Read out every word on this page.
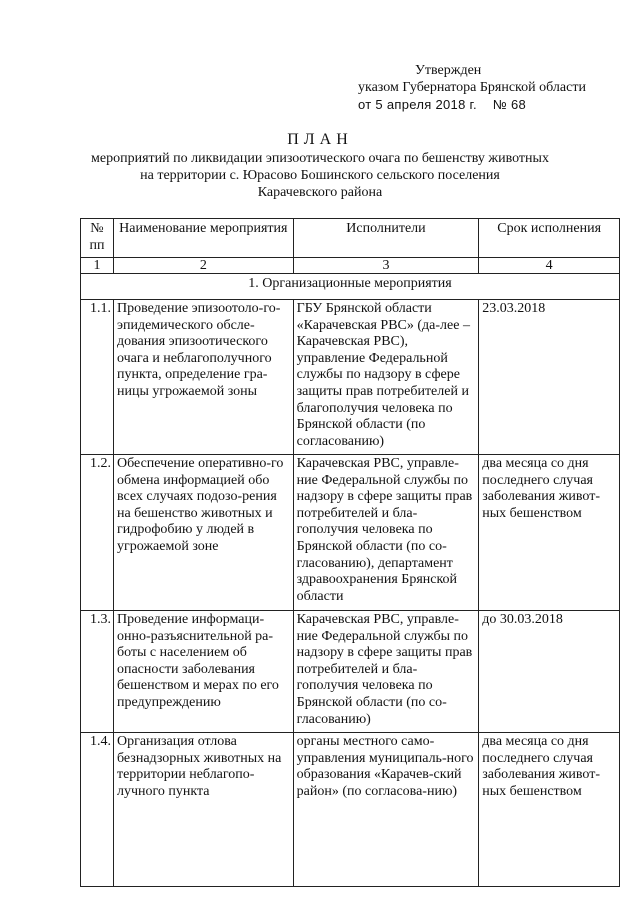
Утвержден
указом Губернатора Брянской области
от 5 апреля 2018 г. № 68
ПЛАН
мероприятий по ликвидации эпизоотического очага по бешенству животных
на территории с. Юрасово Бошинского сельского поселения
Карачевского района
№ пп	Наименование мероприятия	Исполнители	Срок исполнения
1	2	3	4
1. Организационные мероприятия			
1.1.	Проведение эпизоотоло-го-эпидемического обсле-дования эпизоотического очага и неблагополучного пункта, определение гра-ницы угрожаемой зоны	ГБУ Брянской области «Карачевская РВС» (да-лее – Карачевская РВС), управление Федеральной службы по надзору в сфере защиты прав потребителей и благополучия человека по Брянской области (по согласованию)	23.03.2018
1.2.	Обеспечение оперативно-го обмена информацией обо всех случаях подозо-рения на бешенство животных и гидрофобию у людей в угрожаемой зоне	Карачевская РВС, управле-ние Федеральной службы по надзору в сфере защиты прав потребителей и бла-гополучия человека по Брянской области (по со-гласованию), департамент здравоохранения Брянской области	два месяца со дня последнего случая заболевания живот-ных бешенством
1.3.	Проведение информаци-онно-разъяснительной ра-боты с населением об опасности заболевания бешенством и мерах по его предупреждению	Карачевская РВС, управле-ние Федеральной службы по надзору в сфере защиты прав потребителей и бла-гополучия человека по Брянской области (по со-гласованию)	до 30.03.2018
1.4.	Организация отлова безнадзорных животных на территории неблагопо-лучного пункта	органы местного само-управления муниципаль-ного образования «Карачев-ский район» (по согласова-нию)	два месяца со дня последнего случая заболевания живот-ных бешенством
